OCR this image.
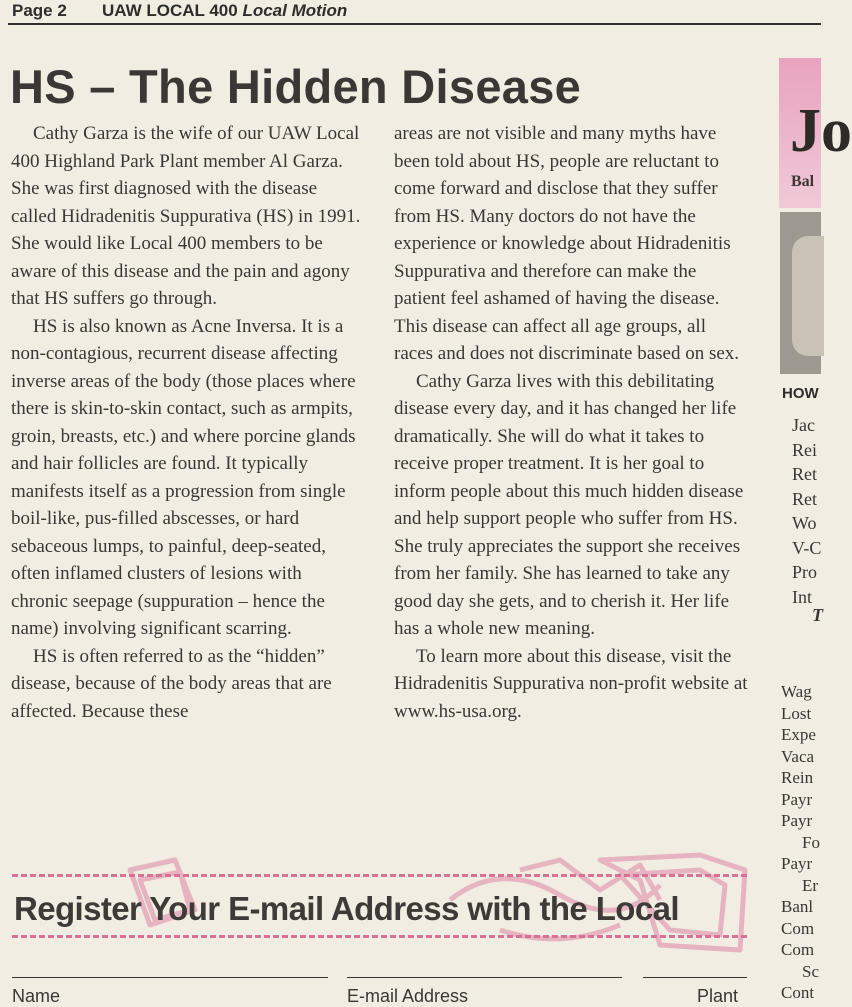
Page 2 UAW LOCAL 400 Local Motion
HS – The Hidden Disease

Cathy Garza is the wife of our UAW Local 400 Highland Park Plant member Al Garza. She was first diagnosed with the disease called Hidradenitis Suppurativa (HS) in 1991. She would like Local 400 members to be aware of this disease and the pain and agony that HS suffers go through.

HS is also known as Acne Inversa. It is a non-contagious, recurrent disease affecting inverse areas of the body (those places where there is skin-to-skin contact, such as armpits, groin, breasts, etc.) and where porcine glands and hair follicles are found. It typically manifests itself as a progression from single boil-like, pus-filled abscesses, or hard sebaceous lumps, to painful, deep-seated, often inflamed clusters of lesions with chronic seepage (suppuration – hence the name) involving significant scarring.

HS is often referred to as the “hidden” disease, because of the body areas that are affected. Because these

areas are not visible and many myths have been told about HS, people are reluctant to come forward and disclose that they suffer from HS. Many doctors do not have the experience or knowledge about Hidradenitis Suppurativa and therefore can make the patient feel ashamed of having the disease. This disease can affect all age groups, all races and does not discriminate based on sex.

Cathy Garza lives with this debilitating disease every day, and it has changed her life dramatically. She will do what it takes to receive proper treatment. It is her goal to inform people about this much hidden disease and help support people who suffer from HS. She truly appreciates the support she receives from her family. She has learned to take any good day she gets, and to cherish it. Her life has a whole new meaning.

To learn more about this disease, visit the Hidradenitis Suppurativa non-profit website at www.hs-usa.org.

Jo
Bal
HOW
Jac
Rei
Ret
Ret
Wo
V-C
Pro
Int
T
Wag
Lost
Expe
Vaca
Rein
Payr
Payr
Fo
Payr
Er
Banl
Com
Com
Sc
Cont
Register Your E-mail Address with the Local
Name	E-mail Address	Plant
